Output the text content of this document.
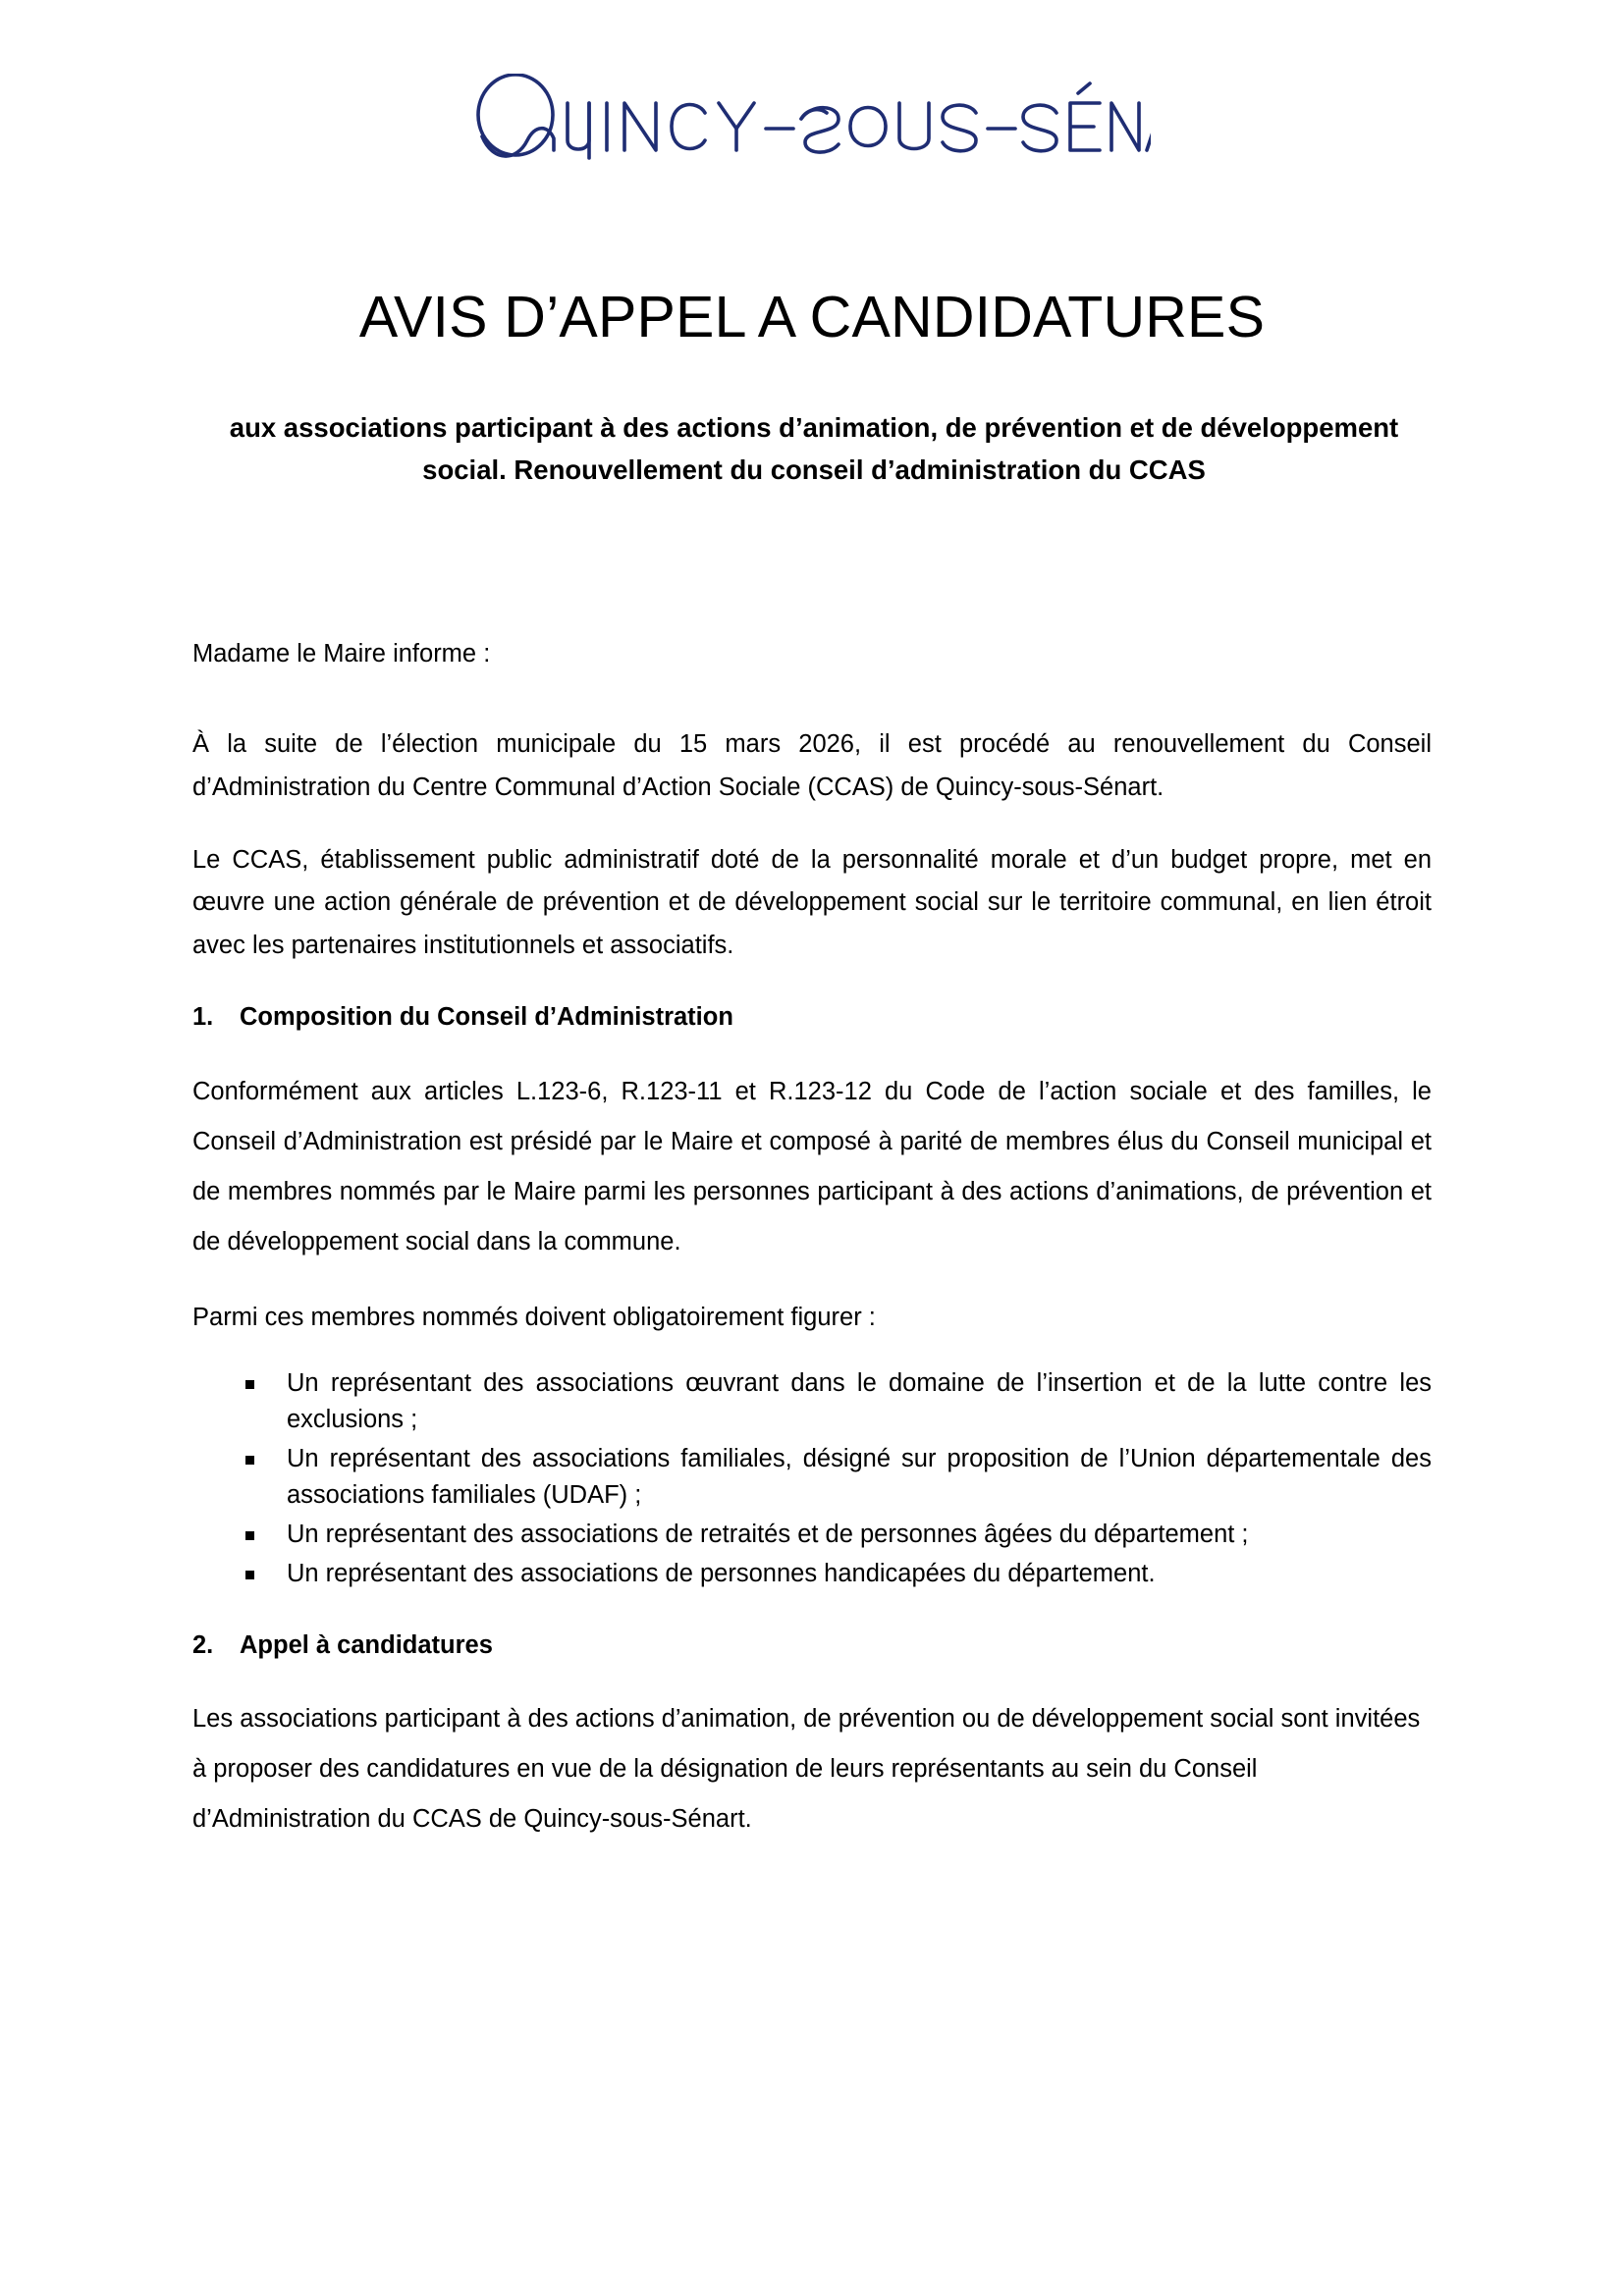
AVIS D’APPEL A CANDIDATURES
aux associations participant à des actions d’animation, de prévention et de développement social. Renouvellement du conseil d’administration du CCAS

Madame le Maire informe :

À la suite de l’élection municipale du 15 mars 2026, il est procédé au renouvellement du Conseil d’Administration du Centre Communal d’Action Sociale (CCAS) de Quincy-sous-Sénart.

Le CCAS, établissement public administratif doté de la personnalité morale et d’un budget propre, met en œuvre une action générale de prévention et de développement social sur le territoire communal, en lien étroit avec les partenaires institutionnels et associatifs.

1.	Composition du Conseil d’Administration

Conformément aux articles L.123-6, R.123-11 et R.123-12 du Code de l’action sociale et des familles, le Conseil d’Administration est présidé par le Maire et composé à parité de membres élus du Conseil municipal et de membres nommés par le Maire parmi les personnes participant à des actions d’animations, de prévention et de développement social dans la commune.

Parmi ces membres nommés doivent obligatoirement figurer :

Un représentant des associations œuvrant dans le domaine de l’insertion et de la lutte contre les exclusions ;
Un représentant des associations familiales, désigné sur proposition de l’Union départementale des associations familiales (UDAF) ;
Un représentant des associations de retraités et de personnes âgées du département ;
Un représentant des associations de personnes handicapées du département.
2.	Appel à candidatures

Les associations participant à des actions d’animation, de prévention ou de développement social sont invitées à proposer des candidatures en vue de la désignation de leurs représentants au sein du Conseil d’Administration du CCAS de Quincy-sous-Sénart.
